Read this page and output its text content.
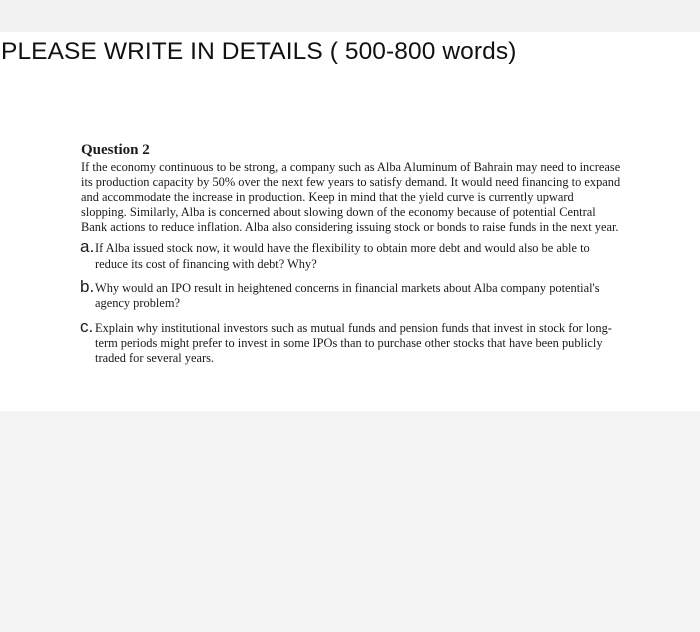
PLEASE WRITE IN DETAILS ( 500-800 words)

Question 2

If the economy continuous to be strong, a company such as Alba Aluminum of Bahrain may need to increase its production capacity by 50% over the next few years to satisfy demand. It would need financing to expand and accommodate the increase in production. Keep in mind that the yield curve is currently upward slopping. Similarly, Alba is concerned about slowing down of the economy because of potential Central Bank actions to reduce inflation. Alba also considering issuing stock or bonds to raise funds in the next year.

a. If Alba issued stock now, it would have the flexibility to obtain more debt and would also be able to reduce its cost of financing with debt? Why?
b. Why would an IPO result in heightened concerns in financial markets about Alba company potential's agency problem?
c. Explain why institutional investors such as mutual funds and pension funds that invest in stock for long-term periods might prefer to invest in some IPOs than to purchase other stocks that have been publicly traded for several years.
